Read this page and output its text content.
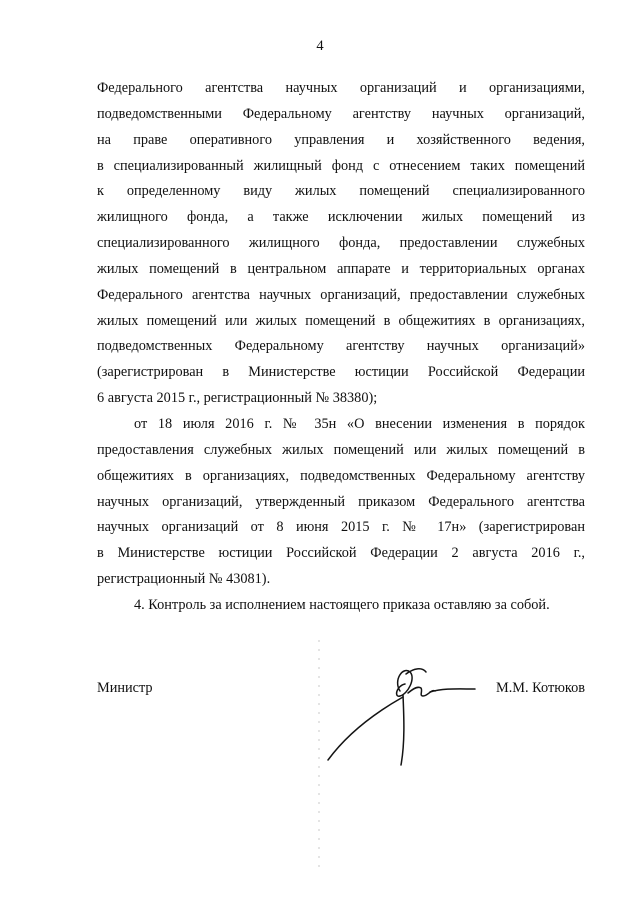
4
Федерального агентства научных организаций и организациями,
подведомственными Федеральному агентству научных организаций,
на праве оперативного управления и хозяйственного ведения,
в специализированный жилищный фонд с отнесением таких помещений
к определенному виду жилых помещений специализированного
жилищного фонда, а также исключении жилых помещений из
специализированного жилищного фонда, предоставлении служебных
жилых помещений в центральном аппарате и территориальных органах
Федерального агентства научных организаций, предоставлении служебных
жилых помещений или жилых помещений в общежитиях в организациях,
подведомственных Федеральному агентству научных организаций»
(зарегистрирован в Министерстве юстиции Российской Федерации
6 августа 2015 г., регистрационный № 38380);
от 18 июля 2016 г. № 35н «О внесении изменения в порядок
предоставления служебных жилых помещений или жилых помещений в
общежитиях в организациях, подведомственных Федеральному агентству
научных организаций, утвержденный приказом Федерального агентства
научных организаций от 8 июня 2015 г. № 17н» (зарегистрирован
в Министерстве юстиции Российской Федерации 2 августа 2016 г.,
регистрационный № 43081).
4. Контроль за исполнением настоящего приказа оставляю за собой.
Министр	М.М. Котюков
